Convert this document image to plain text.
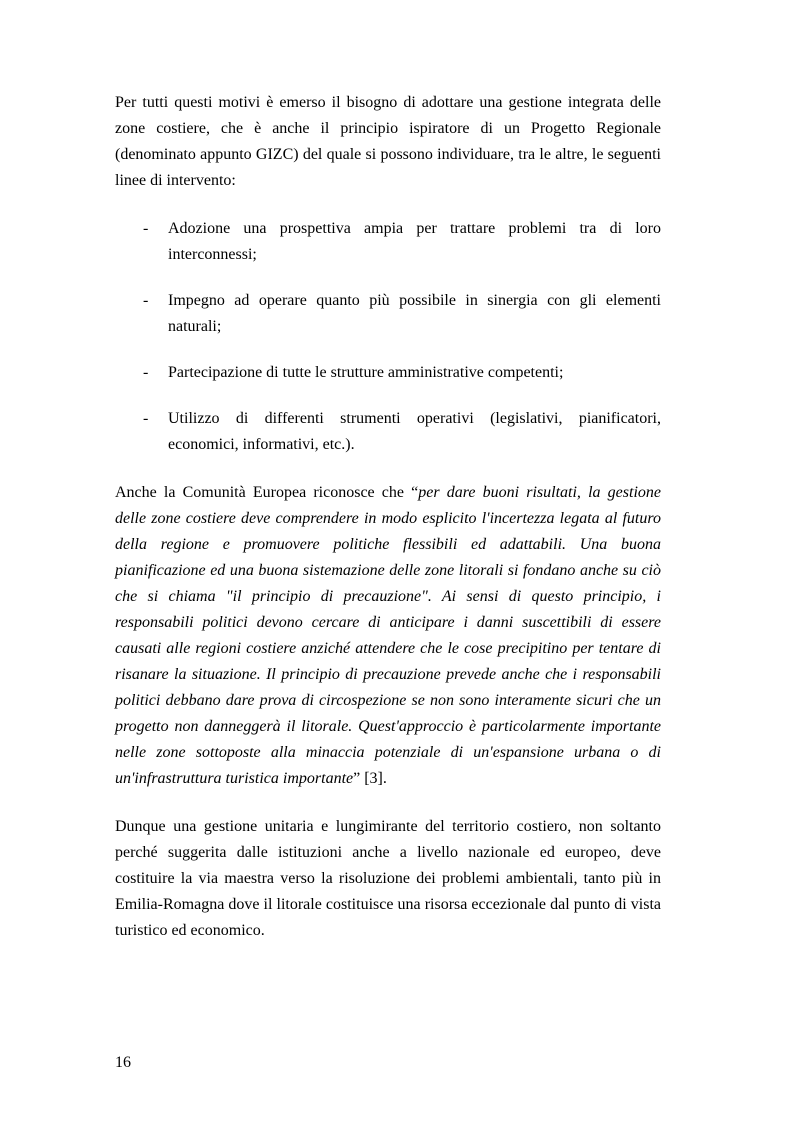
Per tutti questi motivi è emerso il bisogno di adottare una gestione integrata delle zone costiere, che è anche il principio ispiratore di un Progetto Regionale (denominato appunto GIZC) del quale si possono individuare, tra le altre, le seguenti linee di intervento:

- Adozione una prospettiva ampia per trattare problemi tra di loro interconnessi;
- Impegno ad operare quanto più possibile in sinergia con gli elementi naturali;
- Partecipazione di tutte le strutture amministrative competenti;
- Utilizzo di differenti strumenti operativi (legislativi, pianificatori, economici, informativi, etc.).

Anche la Comunità Europea riconosce che “per dare buoni risultati, la gestione delle zone costiere deve comprendere in modo esplicito l'incertezza legata al futuro della regione e promuovere politiche flessibili ed adattabili. Una buona pianificazione ed una buona sistemazione delle zone litorali si fondano anche su ciò che si chiama "il principio di precauzione". Ai sensi di questo principio, i responsabili politici devono cercare di anticipare i danni suscettibili di essere causati alle regioni costiere anziché attendere che le cose precipitino per tentare di risanare la situazione. Il principio di precauzione prevede anche che i responsabili politici debbano dare prova di circospezione se non sono interamente sicuri che un progetto non danneggerà il litorale. Quest'approccio è particolarmente importante nelle zone sottoposte alla minaccia potenziale di un'espansione urbana o di un'infrastruttura turistica importante” [3].

Dunque una gestione unitaria e lungimirante del territorio costiero, non soltanto perché suggerita dalle istituzioni anche a livello nazionale ed europeo, deve costituire la via maestra verso la risoluzione dei problemi ambientali, tanto più in Emilia-Romagna dove il litorale costituisce una risorsa eccezionale dal punto di vista turistico ed economico.

16
